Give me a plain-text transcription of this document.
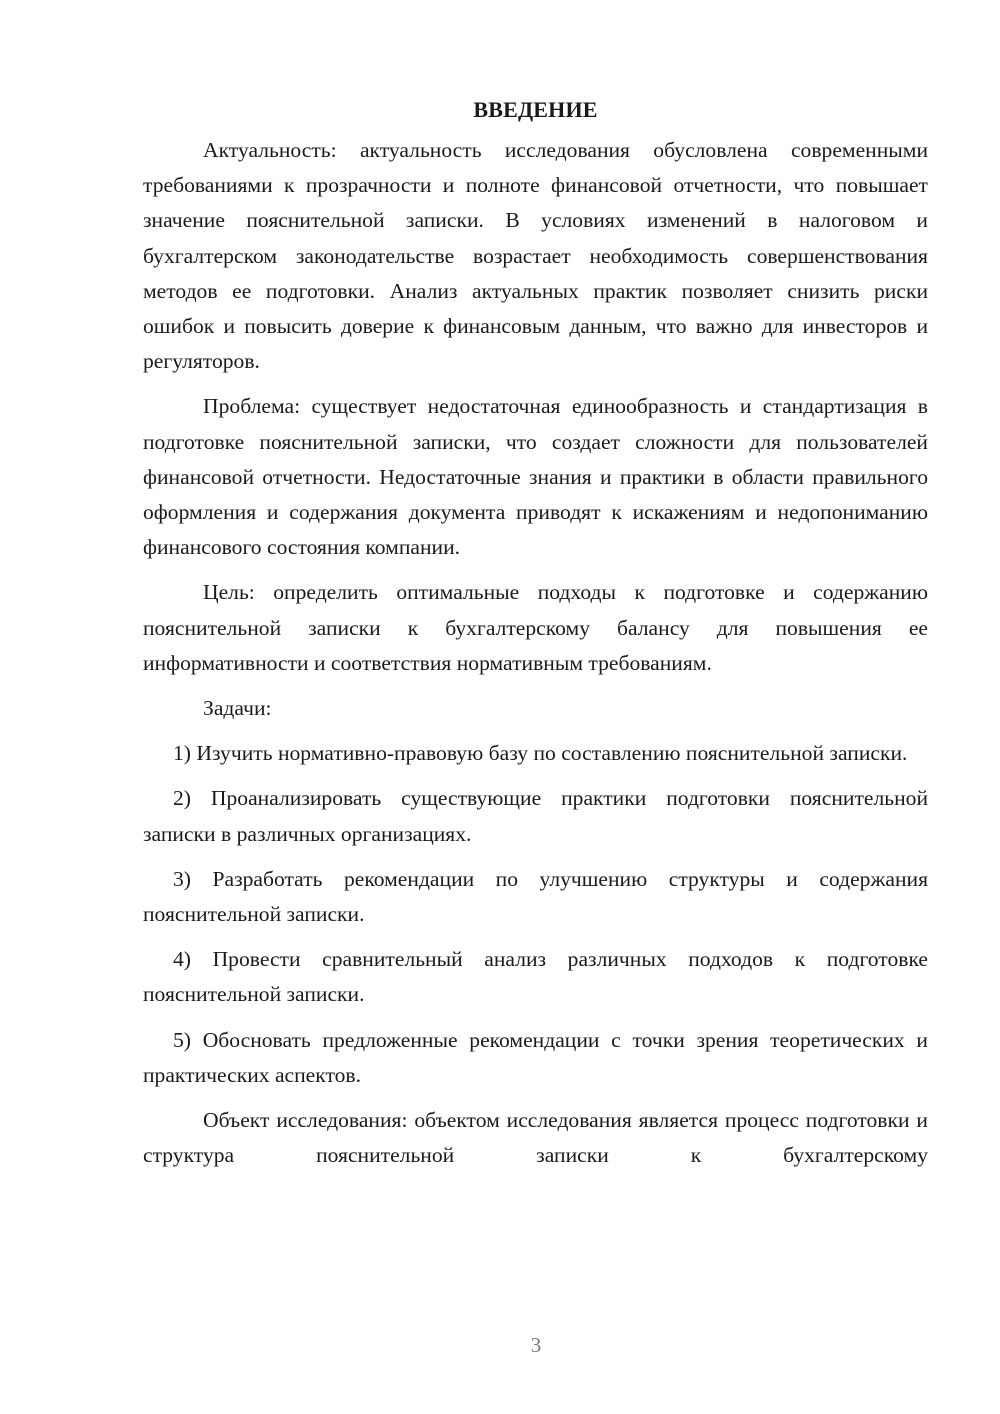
ВВЕДЕНИЕ

Актуальность: актуальность исследования обусловлена современными требованиями к прозрачности и полноте финансовой отчетности, что повышает значение пояснительной записки. В условиях изменений в налоговом и бухгалтерском законодательстве возрастает необходимость совершенствования методов ее подготовки. Анализ актуальных практик позволяет снизить риски ошибок и повысить доверие к финансовым данным, что важно для инвесторов и регуляторов.

Проблема: существует недостаточная единообразность и стандартизация в подготовке пояснительной записки, что создает сложности для пользователей финансовой отчетности. Недостаточные знания и практики в области правильного оформления и содержания документа приводят к искажениям и недопониманию финансового состояния компании.

Цель: определить оптимальные подходы к подготовке и содержанию пояснительной записки к бухгалтерскому балансу для повышения ее информативности и соответствия нормативным требованиям.

Задачи:

1) Изучить нормативно-правовую базу по составлению пояснительной записки.

2) Проанализировать существующие практики подготовки пояснительной записки в различных организациях.

3) Разработать рекомендации по улучшению структуры и содержания пояснительной записки.

4) Провести сравнительный анализ различных подходов к подготовке пояснительной записки.

5) Обосновать предложенные рекомендации с точки зрения теоретических и практических аспектов.

Объект исследования: объектом исследования является процесс подготовки и структура пояснительной записки к бухгалтерскому

3
